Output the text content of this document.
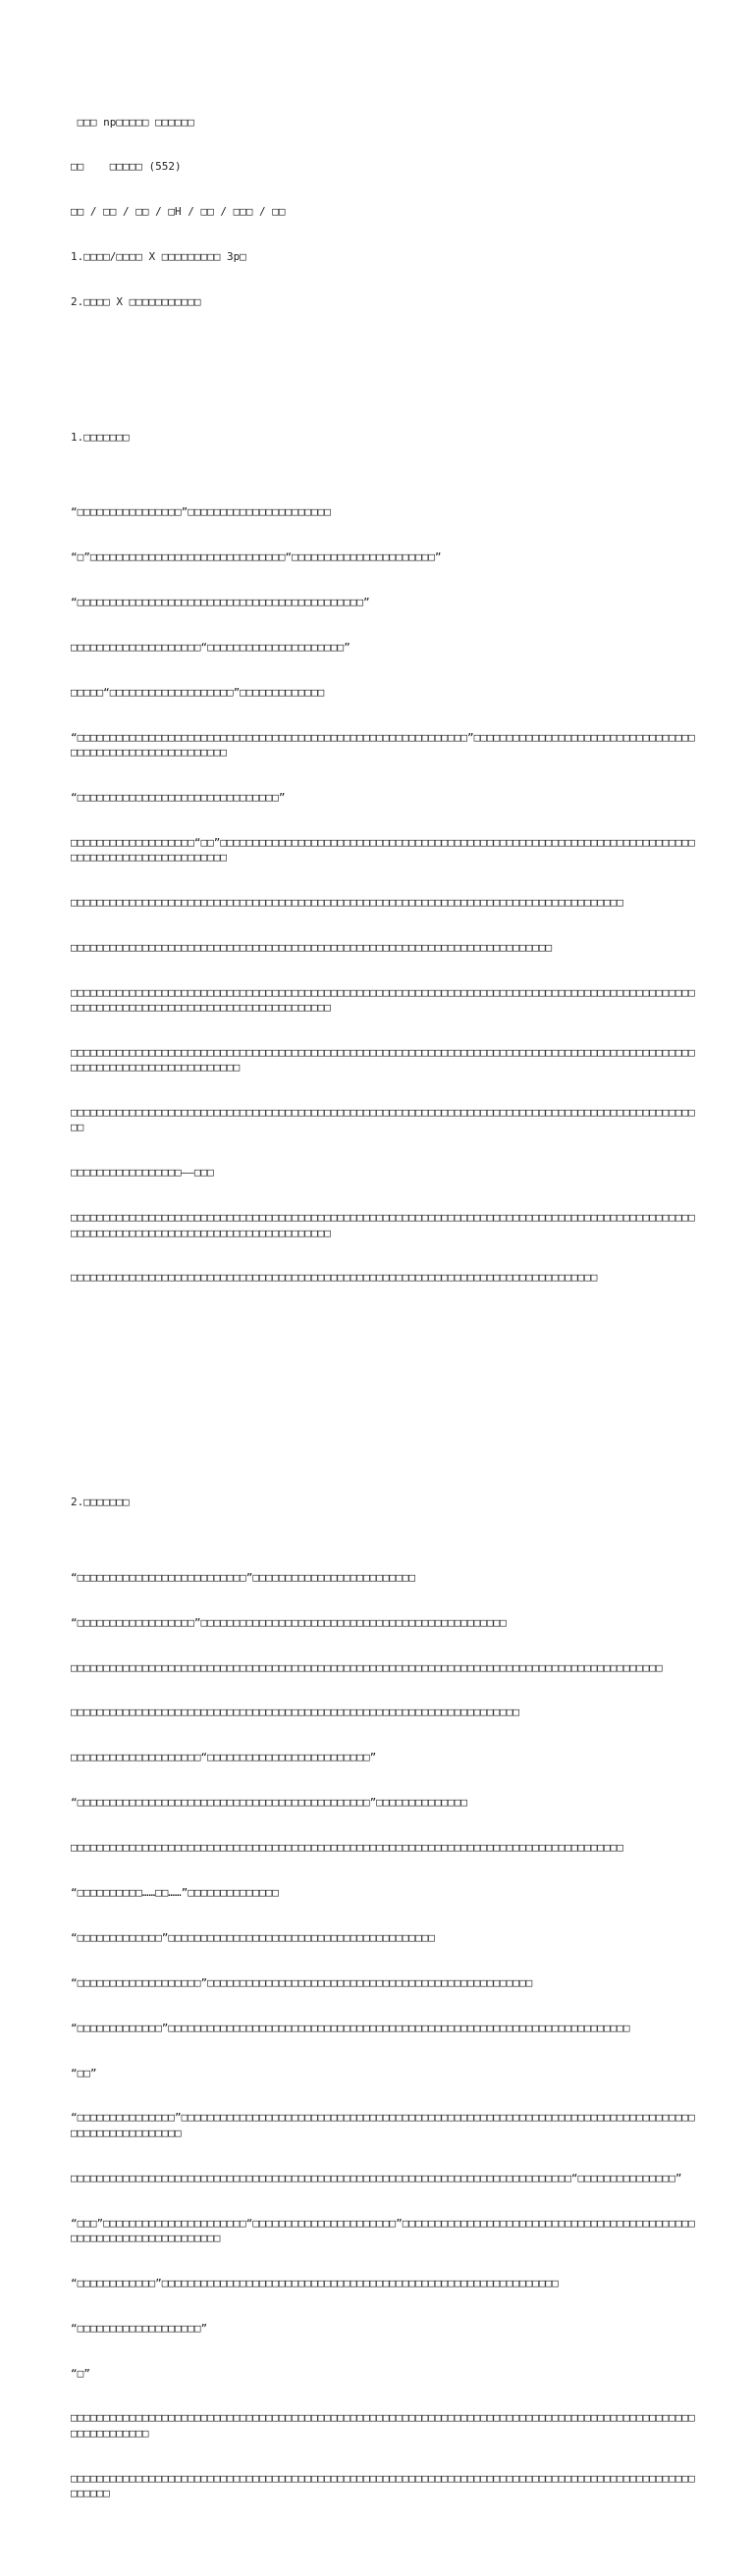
□□□ np□□□□□ □□□□□□

□□    □□□□□ (552)

□□ / □□ / □□ / □H / □□ / □□□ / □□

1.□□□□/□□□□ X □□□□□□□□□ 3p□

2.□□□□ X □□□□□□□□□□□

1.□□□□□□□

“□□□□□□□□□□□□□□□□”□□□□□□□□□□□□□□□□□□□□□□

“□”□□□□□□□□□□□□□□□□□□□□□□□□□□□□□□“□□□□□□□□□□□□□□□□□□□□□□”

“□□□□□□□□□□□□□□□□□□□□□□□□□□□□□□□□□□□□□□□□□□□□”

□□□□□□□□□□□□□□□□□□□□“□□□□□□□□□□□□□□□□□□□□□”

□□□□□“□□□□□□□□□□□□□□□□□□□”□□□□□□□□□□□□□

“□□□□□□□□□□□□□□□□□□□□□□□□□□□□□□□□□□□□□□□□□□□□□□□□□□□□□□□□□□□□”□□□□□□□□□□□□□□□□□□□□□□□□□□□□□□□□□□□□□□□□□□□□□□□□□□□□□□□□□□

“□□□□□□□□□□□□□□□□□□□□□□□□□□□□□□□”

□□□□□□□□□□□□□□□□□□□“□□”□□□□□□□□□□□□□□□□□□□□□□□□□□□□□□□□□□□□□□□□□□□□□□□□□□□□□□□□□□□□□□□□□□□□□□□□□□□□□□□□□□□□□□□□□□□□□□□□□

□□□□□□□□□□□□□□□□□□□□□□□□□□□□□□□□□□□□□□□□□□□□□□□□□□□□□□□□□□□□□□□□□□□□□□□□□□□□□□□□□□□□□

□□□□□□□□□□□□□□□□□□□□□□□□□□□□□□□□□□□□□□□□□□□□□□□□□□□□□□□□□□□□□□□□□□□□□□□□□□

□□□□□□□□□□□□□□□□□□□□□□□□□□□□□□□□□□□□□□□□□□□□□□□□□□□□□□□□□□□□□□□□□□□□□□□□□□□□□□□□□□□□□□□□□□□□□□□□□□□□□□□□□□□□□□□□□□□□□□□□□□□□□□□□□□□□□□□□

□□□□□□□□□□□□□□□□□□□□□□□□□□□□□□□□□□□□□□□□□□□□□□□□□□□□□□□□□□□□□□□□□□□□□□□□□□□□□□□□□□□□□□□□□□□□□□□□□□□□□□□□□□□□□□□□□□□□□□□□□□

□□□□□□□□□□□□□□□□□□□□□□□□□□□□□□□□□□□□□□□□□□□□□□□□□□□□□□□□□□□□□□□□□□□□□□□□□□□□□□□□□□□□□□□□□□□□□□□□□□

□□□□□□□□□□□□□□□□□——□□□

□□□□□□□□□□□□□□□□□□□□□□□□□□□□□□□□□□□□□□□□□□□□□□□□□□□□□□□□□□□□□□□□□□□□□□□□□□□□□□□□□□□□□□□□□□□□□□□□□□□□□□□□□□□□□□□□□□□□□□□□□□□□□□□□□□□□□□□□

□□□□□□□□□□□□□□□□□□□□□□□□□□□□□□□□□□□□□□□□□□□□□□□□□□□□□□□□□□□□□□□□□□□□□□□□□□□□□□□□□

2.□□□□□□□

“□□□□□□□□□□□□□□□□□□□□□□□□□□”□□□□□□□□□□□□□□□□□□□□□□□□□

“□□□□□□□□□□□□□□□□□□”□□□□□□□□□□□□□□□□□□□□□□□□□□□□□□□□□□□□□□□□□□□□□□□

□□□□□□□□□□□□□□□□□□□□□□□□□□□□□□□□□□□□□□□□□□□□□□□□□□□□□□□□□□□□□□□□□□□□□□□□□□□□□□□□□□□□□□□□□□□

□□□□□□□□□□□□□□□□□□□□□□□□□□□□□□□□□□□□□□□□□□□□□□□□□□□□□□□□□□□□□□□□□□□□□

□□□□□□□□□□□□□□□□□□□□“□□□□□□□□□□□□□□□□□□□□□□□□□”

“□□□□□□□□□□□□□□□□□□□□□□□□□□□□□□□□□□□□□□□□□□□□□”□□□□□□□□□□□□□□

□□□□□□□□□□□□□□□□□□□□□□□□□□□□□□□□□□□□□□□□□□□□□□□□□□□□□□□□□□□□□□□□□□□□□□□□□□□□□□□□□□□□□

“□□□□□□□□□□……□□……”□□□□□□□□□□□□□□

“□□□□□□□□□□□□□”□□□□□□□□□□□□□□□□□□□□□□□□□□□□□□□□□□□□□□□□□

“□□□□□□□□□□□□□□□□□□□”□□□□□□□□□□□□□□□□□□□□□□□□□□□□□□□□□□□□□□□□□□□□□□□□□□

“□□□□□□□□□□□□□”□□□□□□□□□□□□□□□□□□□□□□□□□□□□□□□□□□□□□□□□□□□□□□□□□□□□□□□□□□□□□□□□□□□□□□□

“□□”

“□□□□□□□□□□□□□□□”□□□□□□□□□□□□□□□□□□□□□□□□□□□□□□□□□□□□□□□□□□□□□□□□□□□□□□□□□□□□□□□□□□□□□□□□□□□□□□□□□□□□□□□□□□□□□□□□

□□□□□□□□□□□□□□□□□□□□□□□□□□□□□□□□□□□□□□□□□□□□□□□□□□□□□□□□□□□□□□□□□□□□□□□□□□□□□“□□□□□□□□□□□□□□□”

“□□□”□□□□□□□□□□□□□□□□□□□□□□“□□□□□□□□□□□□□□□□□□□□□□”□□□□□□□□□□□□□□□□□□□□□□□□□□□□□□□□□□□□□□□□□□□□□□□□□□□□□□□□□□□□□□□□□□□□

“□□□□□□□□□□□□”□□□□□□□□□□□□□□□□□□□□□□□□□□□□□□□□□□□□□□□□□□□□□□□□□□□□□□□□□□□□□

“□□□□□□□□□□□□□□□□□□□”

“□”

□□□□□□□□□□□□□□□□□□□□□□□□□□□□□□□□□□□□□□□□□□□□□□□□□□□□□□□□□□□□□□□□□□□□□□□□□□□□□□□□□□□□□□□□□□□□□□□□□□□□□□□□□□□□

□□□□□□□□□□□□□□□□□□□□□□□□□□□□□□□□□□□□□□□□□□□□□□□□□□□□□□□□□□□□□□□□□□□□□□□□□□□□□□□□□□□□□□□□□□□□□□□□□□□□□□
